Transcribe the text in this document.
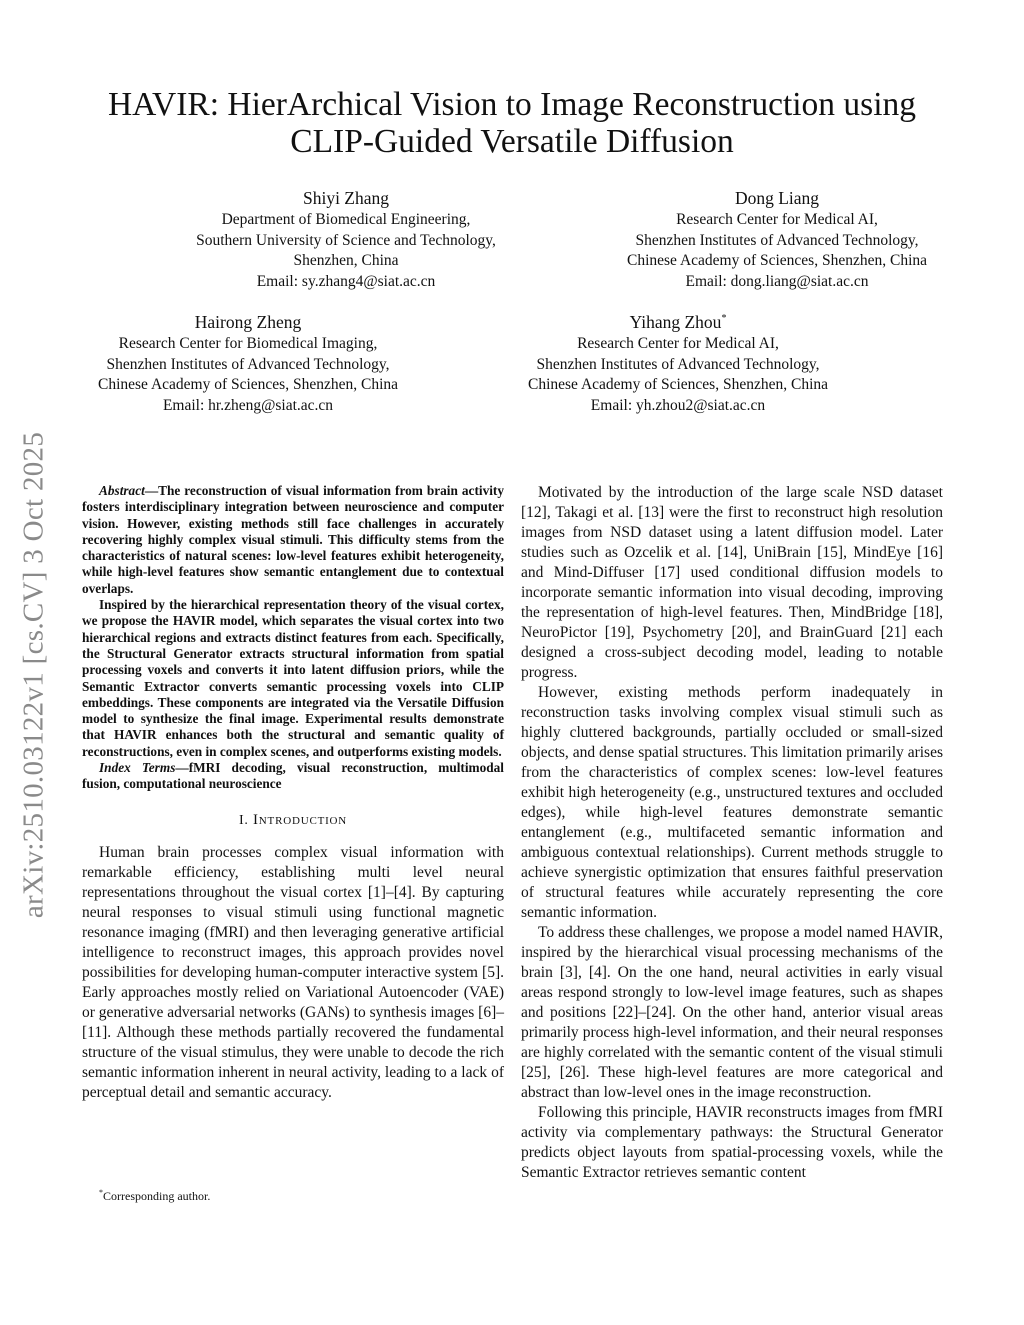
arXiv:2510.03122v1 [cs.CV] 3 Oct 2025
HAVIR: HierArchical Vision to Image Reconstruction using CLIP-Guided Versatile Diffusion
Shiyi Zhang
Department of Biomedical Engineering,
Southern University of Science and Technology,
Shenzhen, China
Email: sy.zhang4@siat.ac.cn
Dong Liang
Research Center for Medical AI,
Shenzhen Institutes of Advanced Technology,
Chinese Academy of Sciences, Shenzhen, China
Email: dong.liang@siat.ac.cn
Hairong Zheng
Research Center for Biomedical Imaging,
Shenzhen Institutes of Advanced Technology,
Chinese Academy of Sciences, Shenzhen, China
Email: hr.zheng@siat.ac.cn
Yihang Zhou*
Research Center for Medical AI,
Shenzhen Institutes of Advanced Technology,
Chinese Academy of Sciences, Shenzhen, China
Email: yh.zhou2@siat.ac.cn

Abstract—The reconstruction of visual information from brain activity fosters interdisciplinary integration between neuroscience and computer vision. However, existing methods still face challenges in accurately recovering highly complex visual stimuli. This difficulty stems from the characteristics of natural scenes: low-level features exhibit heterogeneity, while high-level features show semantic entanglement due to contextual overlaps.

Inspired by the hierarchical representation theory of the visual cortex, we propose the HAVIR model, which separates the visual cortex into two hierarchical regions and extracts distinct features from each. Specifically, the Structural Generator extracts structural information from spatial processing voxels and converts it into latent diffusion priors, while the Semantic Extractor converts semantic processing voxels into CLIP embeddings. These components are integrated via the Versatile Diffusion model to synthesize the final image. Experimental results demonstrate that HAVIR enhances both the structural and semantic quality of reconstructions, even in complex scenes, and outperforms existing models.

Index Terms—fMRI decoding, visual reconstruction, multimodal fusion, computational neuroscience

I. Introduction

Human brain processes complex visual information with remarkable efficiency, establishing multi level neural representations throughout the visual cortex [1]–[4]. By capturing neural responses to visual stimuli using functional magnetic resonance imaging (fMRI) and then leveraging generative artificial intelligence to reconstruct images, this approach provides novel possibilities for developing human-computer interactive system [5]. Early approaches mostly relied on Variational Autoencoder (VAE) or generative adversarial networks (GANs) to synthesis images [6]–[11]. Although these methods partially recovered the fundamental structure of the visual stimulus, they were unable to decode the rich semantic information inherent in neural activity, leading to a lack of perceptual detail and semantic accuracy.

*Corresponding author.

Motivated by the introduction of the large scale NSD dataset [12], Takagi et al. [13] were the first to reconstruct high resolution images from NSD dataset using a latent diffusion model. Later studies such as Ozcelik et al. [14], UniBrain [15], MindEye [16] and Mind-Diffuser [17] used conditional diffusion models to incorporate semantic information into visual decoding, improving the representation of high-level features. Then, MindBridge [18], NeuroPictor [19], Psychometry [20], and BrainGuard [21] each designed a cross-subject decoding model, leading to notable progress.

However, existing methods perform inadequately in reconstruction tasks involving complex visual stimuli such as highly cluttered backgrounds, partially occluded or small-sized objects, and dense spatial structures. This limitation primarily arises from the characteristics of complex scenes: low-level features exhibit high heterogeneity (e.g., unstructured textures and occluded edges), while high-level features demonstrate semantic entanglement (e.g., multifaceted semantic information and ambiguous contextual relationships). Current methods struggle to achieve synergistic optimization that ensures faithful preservation of structural features while accurately representing the core semantic information.

To address these challenges, we propose a model named HAVIR, inspired by the hierarchical visual processing mechanisms of the brain [3], [4]. On the one hand, neural activities in early visual areas respond strongly to low-level image features, such as shapes and positions [22]–[24]. On the other hand, anterior visual areas primarily process high-level information, and their neural responses are highly correlated with the semantic content of the visual stimuli [25], [26]. These high-level features are more categorical and abstract than low-level ones in the image reconstruction.

Following this principle, HAVIR reconstructs images from fMRI activity via complementary pathways: the Structural Generator predicts object layouts from spatial-processing voxels, while the Semantic Extractor retrieves semantic content
